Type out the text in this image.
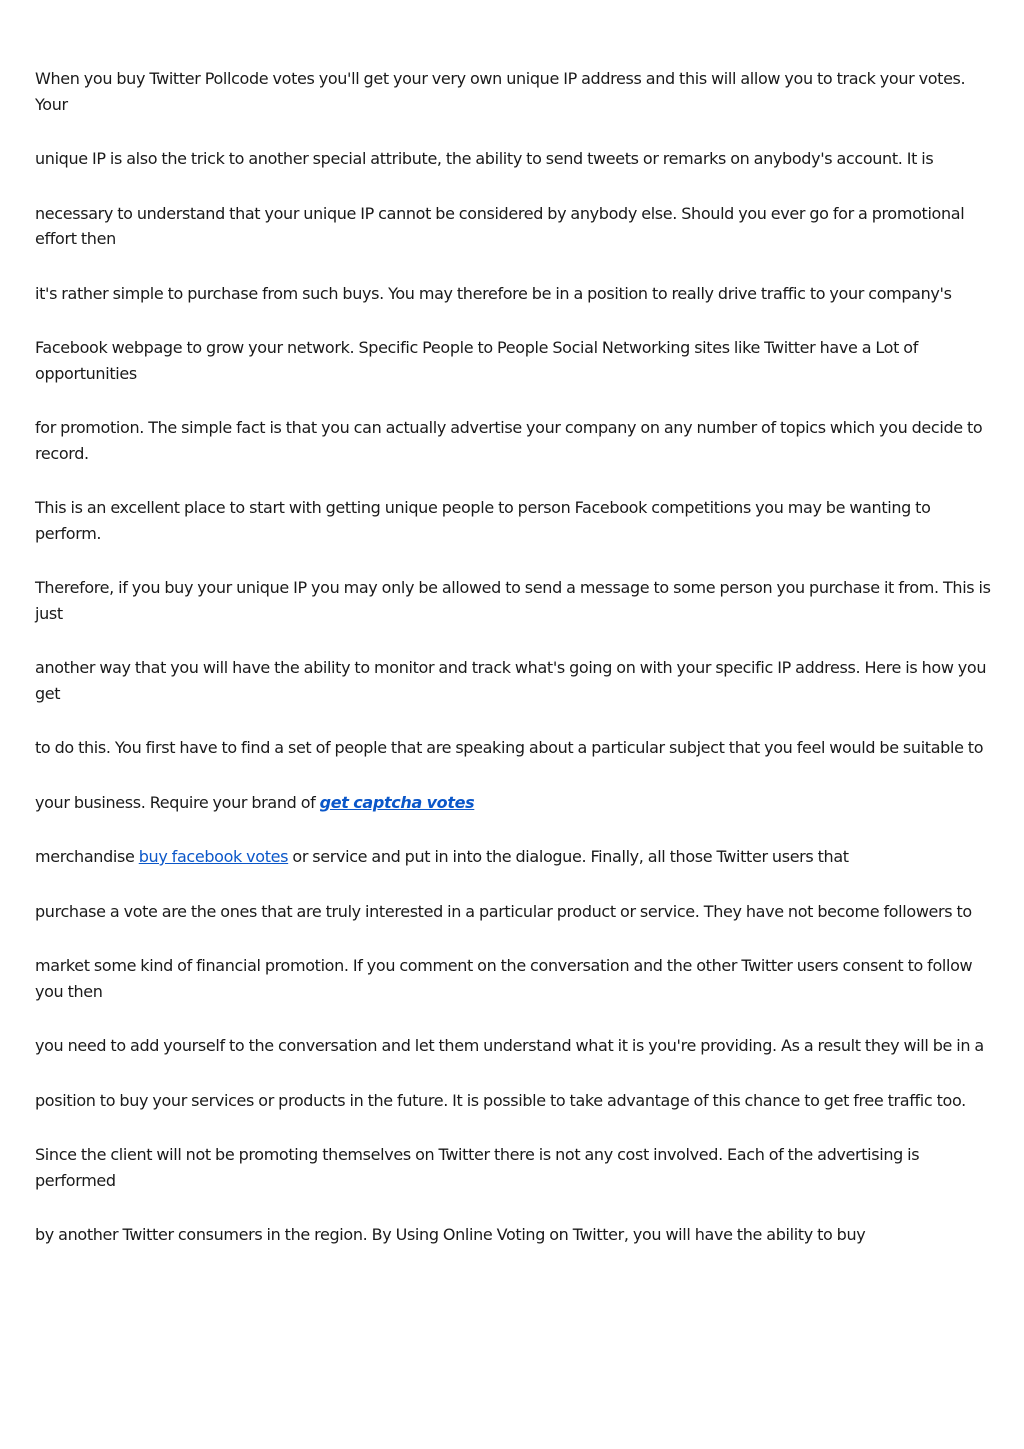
When you buy Twitter Pollcode votes you'll get your very own unique IP address and this will allow you to track your votes. Your

unique IP is also the trick to another special attribute, the ability to send tweets or remarks on anybody's account. It is

necessary to understand that your unique IP cannot be considered by anybody else. Should you ever go for a promotional effort then

it's rather simple to purchase from such buys. You may therefore be in a position to really drive traffic to your company's

Facebook webpage to grow your network. Specific People to People Social Networking sites like Twitter have a Lot of opportunities

for promotion. The simple fact is that you can actually advertise your company on any number of topics which you decide to record.

This is an excellent place to start with getting unique people to person Facebook competitions you may be wanting to perform.

Therefore, if you buy your unique IP you may only be allowed to send a message to some person you purchase it from. This is just

another way that you will have the ability to monitor and track what's going on with your specific IP address. Here is how you get

to do this. You first have to find a set of people that are speaking about a particular subject that you feel would be suitable to

your business. Require your brand of get captcha votes

merchandise buy facebook votes or service and put in into the dialogue. Finally, all those Twitter users that

purchase a vote are the ones that are truly interested in a particular product or service. They have not become followers to

market some kind of financial promotion. If you comment on the conversation and the other Twitter users consent to follow you then

you need to add yourself to the conversation and let them understand what it is you're providing. As a result they will be in a

position to buy your services or products in the future. It is possible to take advantage of this chance to get free traffic too.

Since the client will not be promoting themselves on Twitter there is not any cost involved. Each of the advertising is performed

by another Twitter consumers in the region. By Using Online Voting on Twitter, you will have the ability to buy
